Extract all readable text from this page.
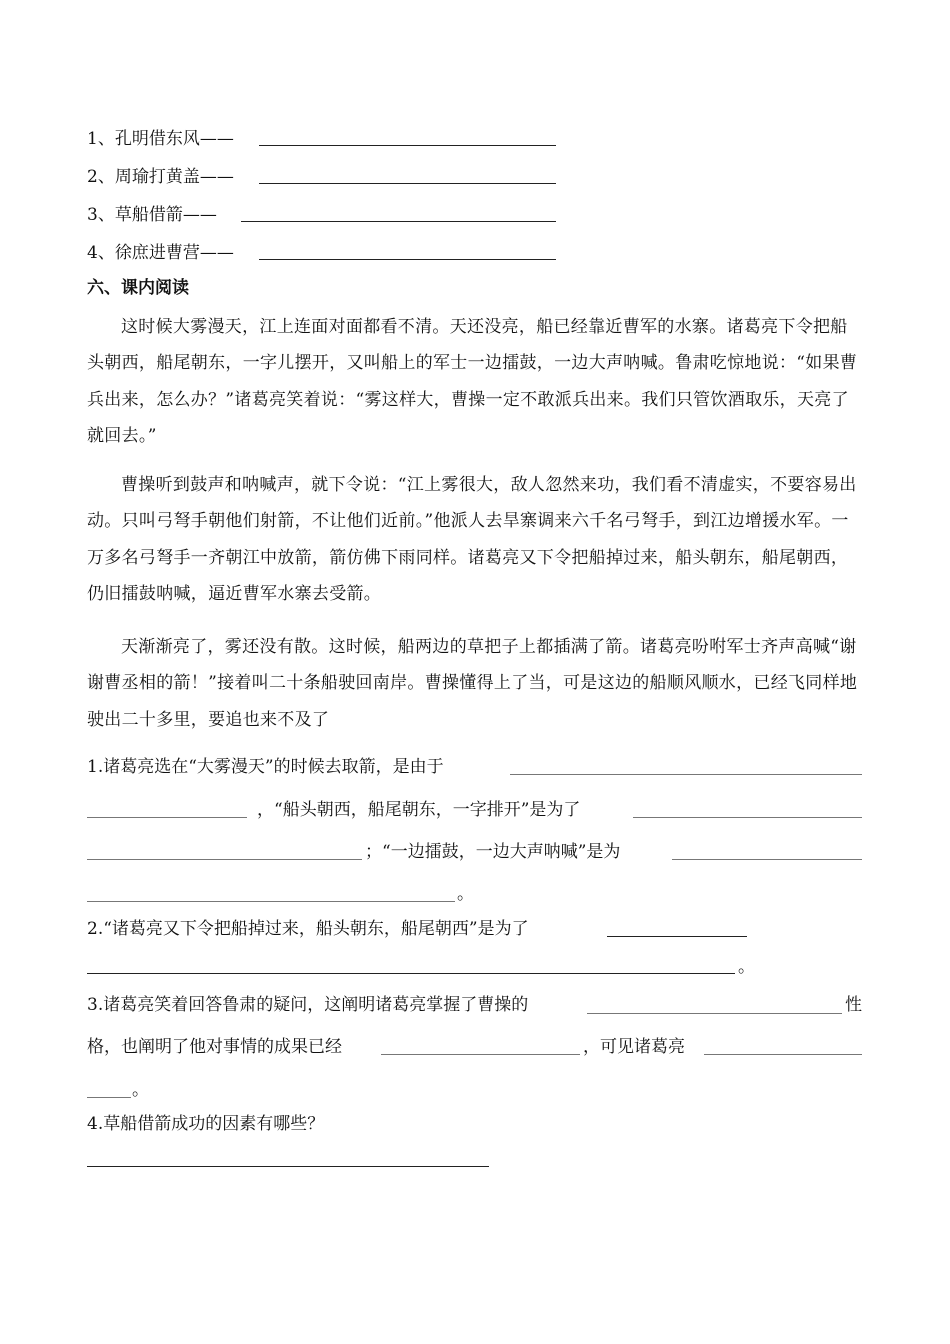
1、孔明借东风——
2、周瑜打黄盖——
3、草船借箭——
4、徐庶进曹营——
六、课内阅读

这时候大雾漫天，江上连面对面都看不清。天还没亮，船已经靠近曹军的水寨。诸葛亮下令把船头朝西，船尾朝东，一字儿摆开，又叫船上的军士一边擂鼓，一边大声呐喊。鲁肃吃惊地说：“如果曹兵出来，怎么办？”诸葛亮笑着说：“雾这样大，曹操一定不敢派兵出来。我们只管饮酒取乐，天亮了就回去。”

曹操听到鼓声和呐喊声，就下令说：“江上雾很大，敌人忽然来功，我们看不清虚实，不要容易出动。只叫弓弩手朝他们射箭，不让他们近前。”他派人去旱寨调来六千名弓弩手，到江边增援水军。一万多名弓弩手一齐朝江中放箭，箭仿佛下雨同样。诸葛亮又下令把船掉过来，船头朝东，船尾朝西，仍旧擂鼓呐喊，逼近曹军水寨去受箭。

天渐渐亮了，雾还没有散。这时候，船两边的草把子上都插满了箭。诸葛亮吩咐军士齐声高喊“谢谢曹丞相的箭！”接着叫二十条船驶回南岸。曹操懂得上了当，可是这边的船顺风顺水，已经飞同样地驶出二十多里，要追也来不及了

1.诸葛亮选在“大雾漫天”的时候去取箭，是由于
，“船头朝西，船尾朝东，一字排开”是为了
；“一边擂鼓，一边大声呐喊”是为
。
2.“诸葛亮又下令把船掉过来，船头朝东，船尾朝西”是为了
。
3.诸葛亮笑着回答鲁肃的疑问，这阐明诸葛亮掌握了曹操的	性
格，也阐明了他对事情的成果已经	，可见诸葛亮
。
4.草船借箭成功的因素有哪些？
